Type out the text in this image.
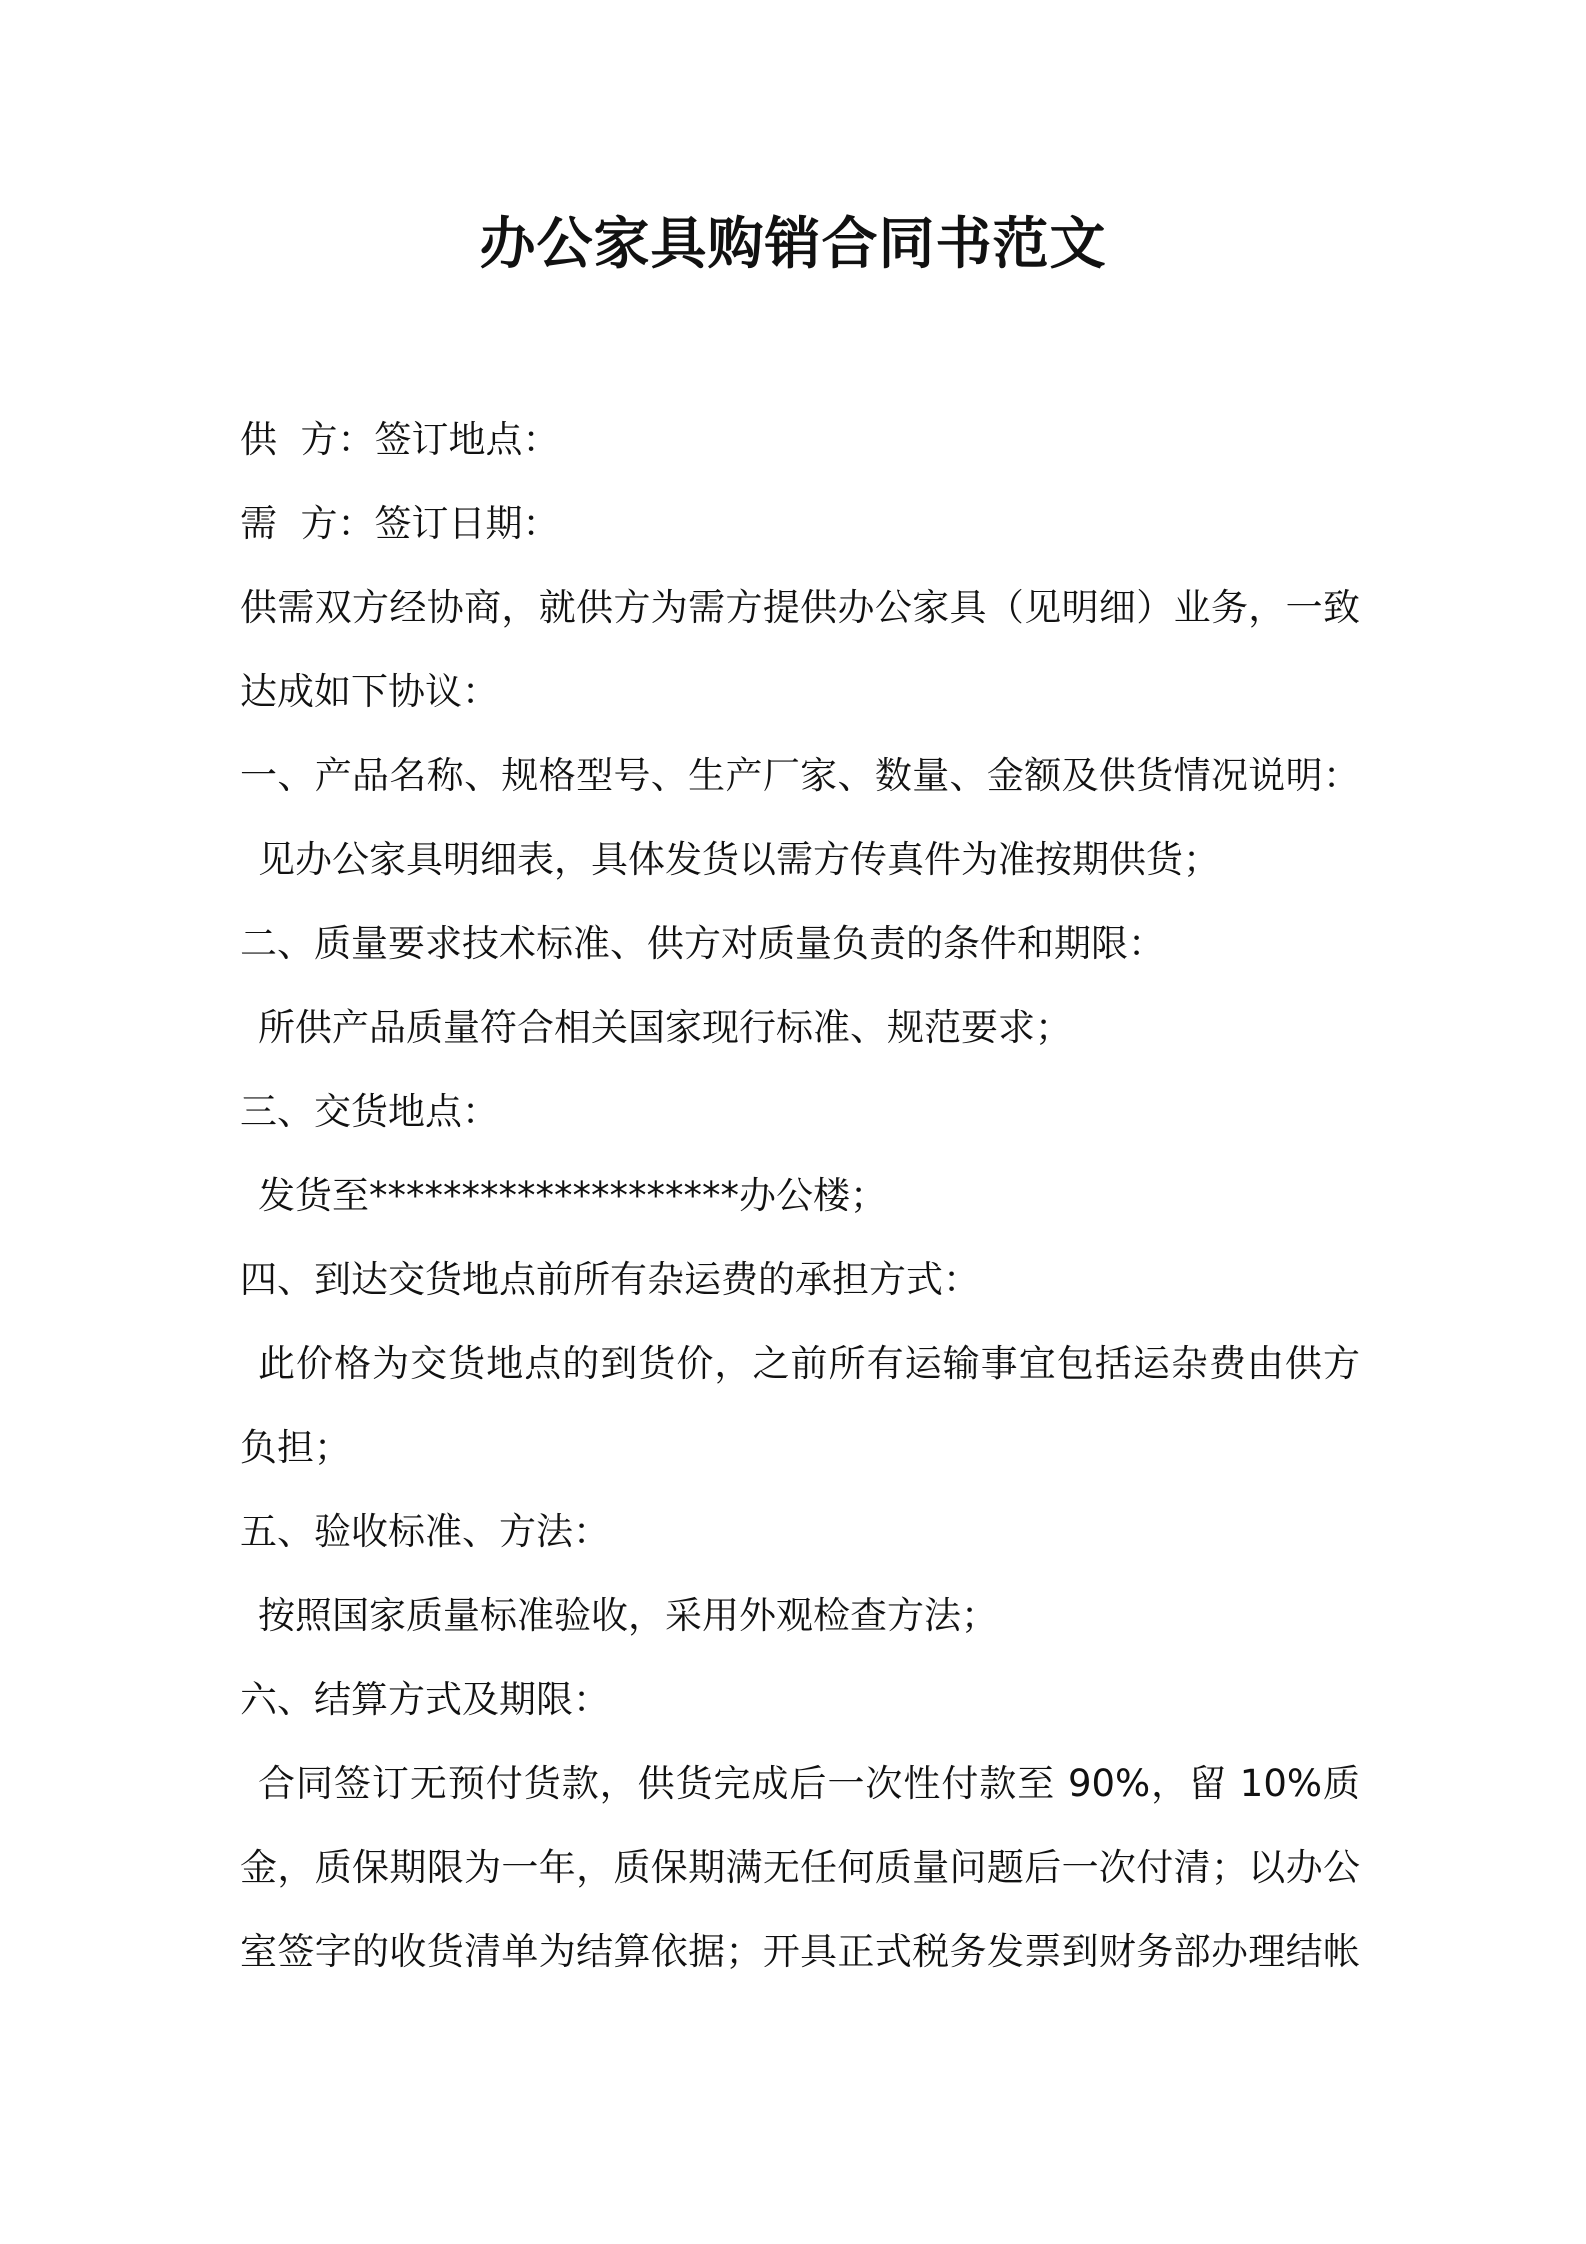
办公家具购销合同书范文
供  方：签订地点：
需  方：签订日期：
供需双方经协商，就供方为需方提供办公家具（见明细）业务，一致
达成如下协议：
一、产品名称、规格型号、生产厂家、数量、金额及供货情况说明：
见办公家具明细表，具体发货以需方传真件为准按期供货；
二、质量要求技术标准、供方对质量负责的条件和期限：
所供产品质量符合相关国家现行标准、规范要求；
三、交货地点：
发货至********************办公楼；
四、到达交货地点前所有杂运费的承担方式：
此价格为交货地点的到货价，之前所有运输事宜包括运杂费由供方
负担；
五、验收标准、方法：
按照国家质量标准验收，采用外观检查方法；
六、结算方式及期限：
合同签订无预付货款，供货完成后一次性付款至 90%，留 10%质
金，质保期限为一年，质保期满无任何质量问题后一次付清；以办公
室签字的收货清单为结算依据；开具正式税务发票到财务部办理结帐
